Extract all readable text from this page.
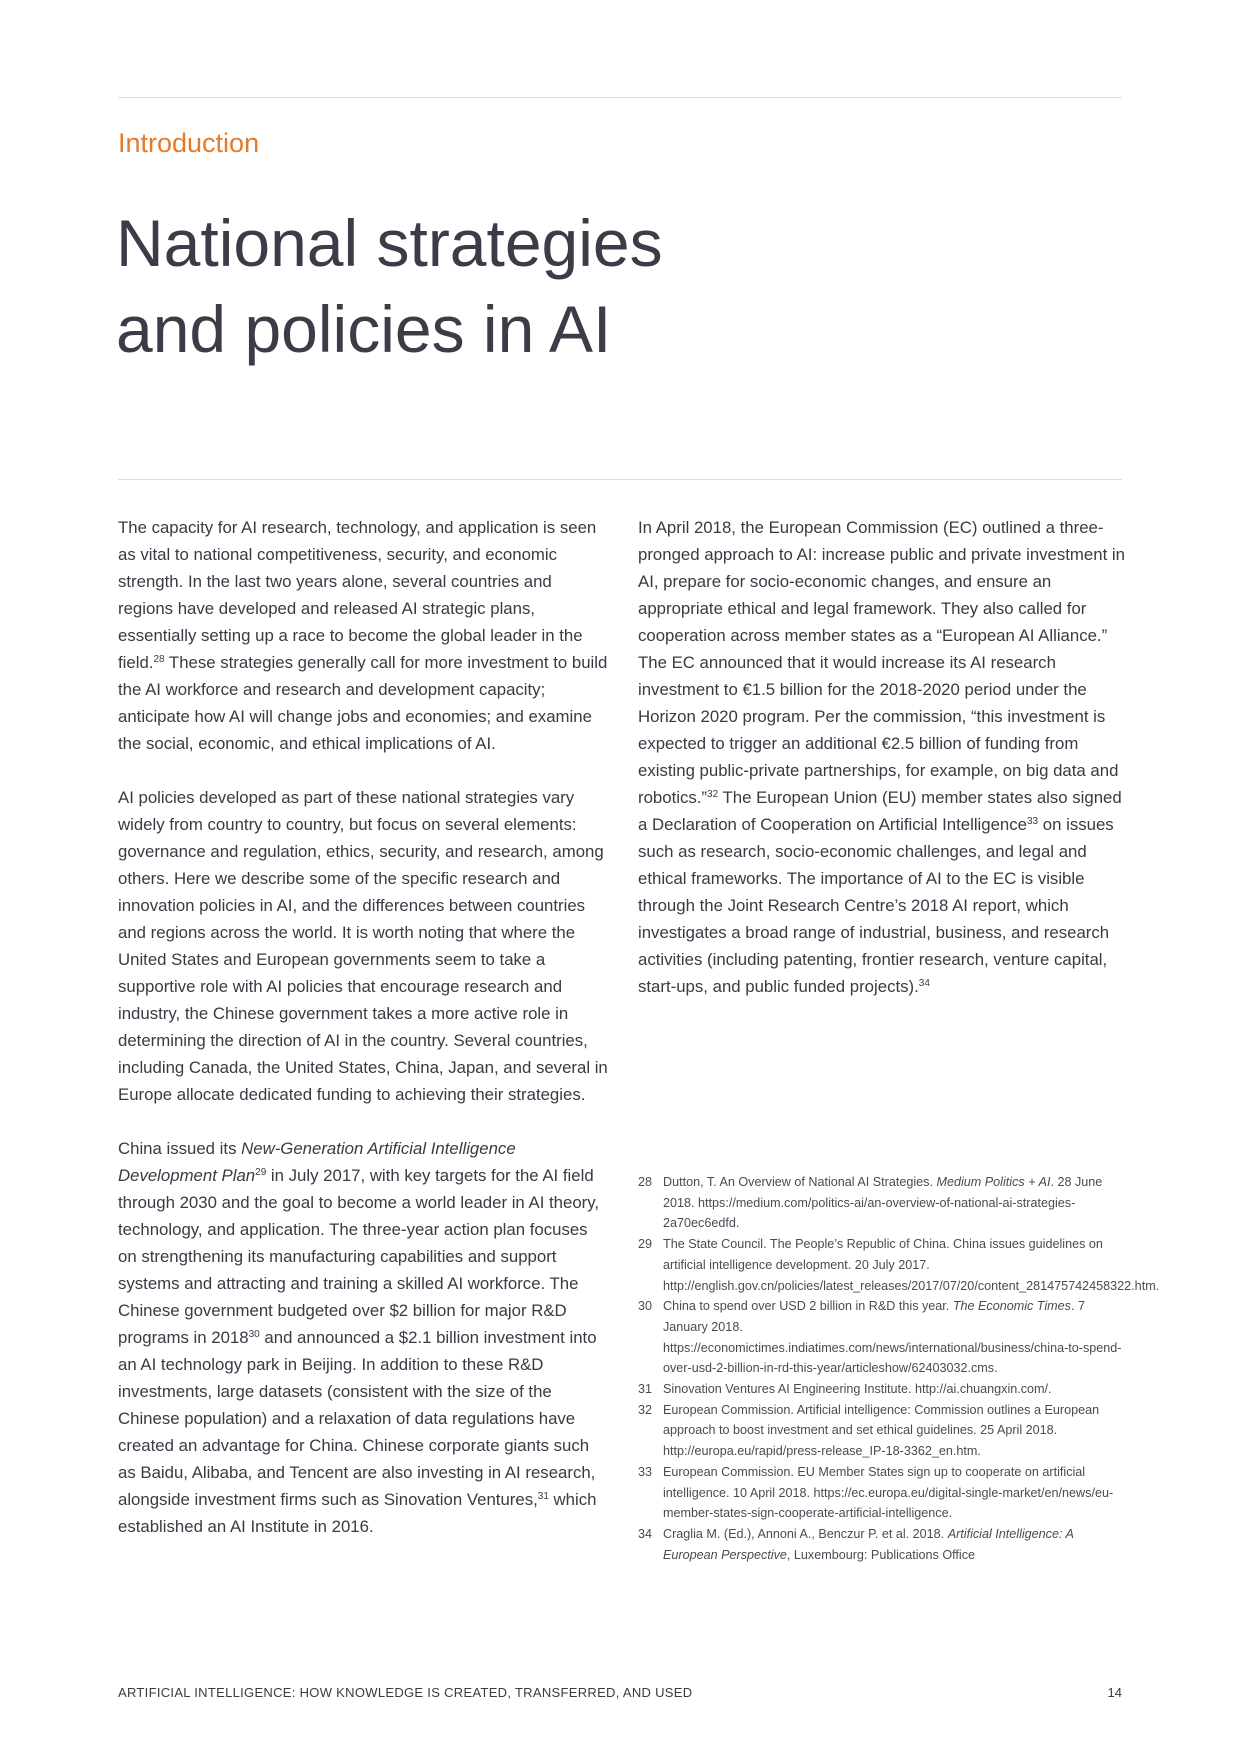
Introduction
National strategies
and policies in AI

The capacity for AI research, technology, and application is seen as vital to national competitiveness, security, and economic strength. In the last two years alone, several countries and regions have developed and released AI strategic plans, essentially setting up a race to become the global leader in the field.$^{28}$ These strategies generally call for more investment to build the AI workforce and research and development capacity; anticipate how AI will change jobs and economies; and examine the social, economic, and ethical implications of AI.

AI policies developed as part of these national strategies vary widely from country to country, but focus on several elements: governance and regulation, ethics, security, and research, among others. Here we describe some of the specific research and innovation policies in AI, and the differences between countries and regions across the world. It is worth noting that where the United States and European governments seem to take a supportive role with AI policies that encourage research and industry, the Chinese government takes a more active role in determining the direction of AI in the country. Several countries, including Canada, the United States, China, Japan, and several in Europe allocate dedicated funding to achieving their strategies.

China issued its New-Generation Artificial Intelligence Development Plan$^{29}$ in July 2017, with key targets for the AI field through 2030 and the goal to become a world leader in AI theory, technology, and application. The three-year action plan focuses on strengthening its manufacturing capabilities and support systems and attracting and training a skilled AI workforce. The Chinese government budgeted over $2 billion for major R&D programs in 2018$^{30}$ and announced a $2.1 billion investment into an AI technology park in Beijing. In addition to these R&D investments, large datasets (consistent with the size of the Chinese population) and a relaxation of data regulations have created an advantage for China. Chinese corporate giants such as Baidu, Alibaba, and Tencent are also investing in AI research, alongside investment firms such as Sinovation Ventures,$^{31}$ which established an AI Institute in 2016.

In April 2018, the European Commission (EC) outlined a three-pronged approach to AI: increase public and private investment in AI, prepare for socio-economic changes, and ensure an appropriate ethical and legal framework. They also called for cooperation across member states as a “European AI Alliance.” The EC announced that it would increase its AI research investment to €1.5 billion for the 2018-2020 period under the Horizon 2020 program. Per the commission, “this investment is expected to trigger an additional €2.5 billion of funding from existing public-private partnerships, for example, on big data and robotics.”$^{32}$ The European Union (EU) member states also signed a Declaration of Cooperation on Artificial Intelligence$^{33}$ on issues such as research, socio-economic challenges, and legal and ethical frameworks. The importance of AI to the EC is visible through the Joint Research Centre’s 2018 AI report, which investigates a broad range of industrial, business, and research activities (including patenting, frontier research, venture capital, start-ups, and public funded projects).$^{34}$

28 Dutton, T. An Overview of National AI Strategies. Medium Politics + AI. 28 June 2018. https://medium.com/politics-ai/an-overview-of-national-ai-strategies-2a70ec6edfd.
29 The State Council. The People’s Republic of China. China issues guidelines on artificial intelligence development. 20 July 2017. http://english.gov.cn/policies/latest_releases/2017/07/20/content_281475742458322.htm.
30 China to spend over USD 2 billion in R&D this year. The Economic Times. 7 January 2018. https://economictimes.indiatimes.com/news/international/business/china-to-spend-over-usd-2-billion-in-rd-this-year/articleshow/62403032.cms.
31 Sinovation Ventures AI Engineering Institute. http://ai.chuangxin.com/.
32 European Commission. Artificial intelligence: Commission outlines a European approach to boost investment and set ethical guidelines. 25 April 2018. http://europa.eu/rapid/press-release_IP-18-3362_en.htm.
33 European Commission. EU Member States sign up to cooperate on artificial intelligence. 10 April 2018. https://ec.europa.eu/digital-single-market/en/news/eu-member-states-sign-cooperate-artificial-intelligence.
34 Craglia M. (Ed.), Annoni A., Benczur P. et al. 2018. Artificial Intelligence: A European Perspective, Luxembourg: Publications Office
ARTIFICIAL INTELLIGENCE: HOW KNOWLEDGE IS CREATED, TRANSFERRED, AND USED	14
